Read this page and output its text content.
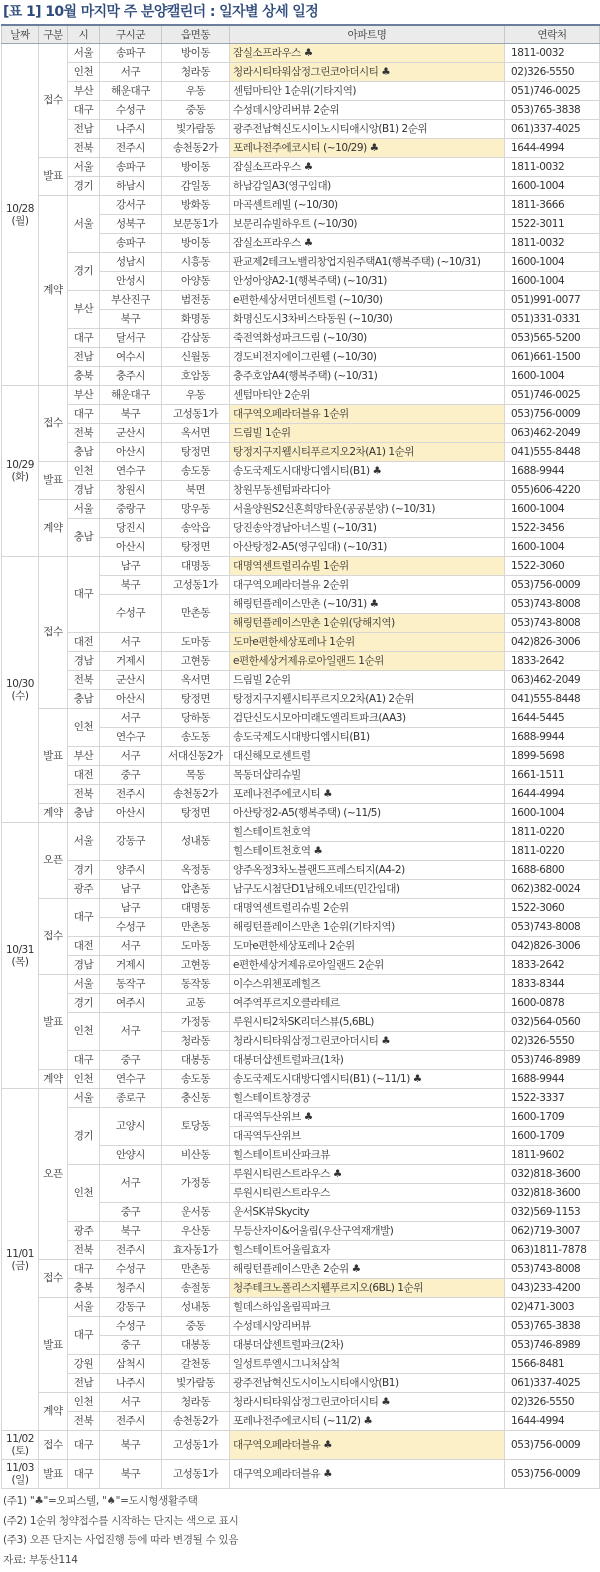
[표 1] 10월 마지막 주 분양캘린더 : 일자별 상세 일정
날짜	구분	시	구시군	읍면동	아파트명	연락처

10/28
(월)	접수	서울	송파구	방이동	잠실소프라우스 ♣	1811-0032
		인천	서구	청라동	청라시티타워삼정그린코아더시티 ♣	02)326-5550
		부산	해운대구	우동	센텀마티안 1순위(기타지역)	051)746-0025
		대구	수성구	중동	수성데시앙리버뷰 2순위	053)765-3838
		전남	나주시	빛가람동	광주전남혁신도시이노시티애시앙(B1) 2순위	061)337-4025
		전북	전주시	송천동2가	포레나전주에코시티 (~10/29) ♣	1644-4994
	발표	서울	송파구	방이동	잠실소프라우스 ♣	1811-0032
		경기	하남시	감일동	하남감일A3(영구임대)	1600-1004
	계약	서울	강서구	방화동	마곡센트레빌 (~10/30)	1811-3666
			성북구	보문동1가	보문리슈빌하우트 (~10/30)	1522-3011
			송파구	방이동	잠실소프라우스 ♣	1811-0032
		경기	성남시	시흥동	판교제2테크노밸리창업지원주택A1(행복주택) (~10/31)	1600-1004
			안성시	아양동	안성아양A2-1(행복주택) (~10/31)	1600-1004
		부산	부산진구	범전동	e편한세상서면더센트럴 (~10/30)	051)991-0077
			북구	화명동	화명신도시3차비스타동원 (~10/30)	051)331-0331
		대구	달서구	감삼동	죽전역화성파크드림 (~10/30)	053)565-5200
		전남	여수시	신월동	경도비전지에이그린웰 (~10/30)	061)661-1500
		충북	충주시	호암동	충주호암A4(행복주택) (~10/31)	1600-1004

10/29
(화)	접수	부산	해운대구	우동	센텀마티안 2순위	051)746-0025
		대구	북구	고성동1가	대구역오페라더블유 1순위	053)756-0009
		전북	군산시	옥서면	드림빌 1순위	063)462-2049
		충남	아산시	탕정면	탕정지구지웰시티푸르지오2차(A1) 1순위	041)555-8448
	발표	인천	연수구	송도동	송도국제도시대방디엠시티(B1) ♣	1688-9944
		경남	창원시	북면	창원무동센텀파라디아	055)606-4220
	계약	서울	중랑구	망우동	서울양원S2신혼희망타운(공공분양) (~10/31)	1600-1004
		충남	당진시	송악읍	당진송악경남아너스빌 (~10/31)	1522-3456
			아산시	탕정면	아산탕정2-A5(영구임대) (~10/31)	1600-1004

10/30
(수)	접수	대구	남구	대명동	대명역센트럴리슈빌 1순위	1522-3060
			북구	고성동1가	대구역오페라더블유 2순위	053)756-0009
			수성구	만촌동	해링턴플레이스만촌 (~10/31) ♣	053)743-8008
					해링턴플레이스만촌 1순위(당해지역)	053)743-8008
		대전	서구	도마동	도마e편한세상포레나 1순위	042)826-3006
		경남	거제시	고현동	e편한세상거제유로아일랜드 1순위	1833-2642
		전북	군산시	옥서면	드림빌 2순위	063)462-2049
		충남	아산시	탕정면	탕정지구지웰시티푸르지오2차(A1) 2순위	041)555-8448
	발표	인천	서구	당하동	검단신도시모아미래도엘리트파크(AA3)	1644-5445
			연수구	송도동	송도국제도시대방디엠시티(B1)	1688-9944
		부산	서구	서대신동2가	대신해모로센트럴	1899-5698
		대전	중구	목동	목동더샵리슈빌	1661-1511
		전북	전주시	송천동2가	포레나전주에코시티 ♣	1644-4994
	계약	충남	아산시	탕정면	아산탕정2-A5(행복주택) (~11/5)	1600-1004

10/31
(목)	오픈	서울	강동구	성내동	힐스테이트천호역	1811-0220
					힐스테이트천호역 ♣	1811-0220
		경기	양주시	옥정동	양주옥정3차노블랜드프레스티지(A4-2)	1688-6800
		광주	남구	압촌동	남구도시첨단D1남해오네뜨(민간임대)	062)382-0024
	접수	대구	남구	대명동	대명역센트럴리슈빌 2순위	1522-3060
			수성구	만촌동	해링턴플레이스만촌 1순위(기타지역)	053)743-8008
		대전	서구	도마동	도마e편한세상포레나 2순위	042)826-3006
		경남	거제시	고현동	e편한세상거제유로아일랜드 2순위	1833-2642
	발표	서울	동작구	동작동	이수스위첸포레힐즈	1833-8344
		경기	여주시	교동	여주역푸르지오클라테르	1600-0878
		인천	서구	가정동	루원시티2차SK리더스뷰(5,6BL)	032)564-0560
				청라동	청라시티타워삼정그린코아더시티 ♣	02)326-5550
		대구	중구	대봉동	대봉더샵센트럴파크(1차)	053)746-8989
	계약	인천	연수구	송도동	송도국제도시대방디엠시티(B1) (~11/1) ♣	1688-9944

11/01
(금)	오픈	서울	종로구	충신동	힐스테이트창경궁	1522-3337
		경기	고양시	토당동	대곡역두산위브 ♣	1600-1709
					대곡역두산위브	1600-1709
			안양시	비산동	힐스테이트비산파크뷰	1811-9602
		인천	서구	가정동	루원시티린스트라우스 ♣	032)818-3600
					루원시티린스트라우스	032)818-3600
			중구	운서동	운서SK뷰Skycity	032)569-1153
		광주	북구	우산동	무등산자이&어울림(우산구역재개발)	062)719-3007
		전북	전주시	효자동1가	힐스테이트어울림효자	063)1811-7878
	접수	대구	수성구	만촌동	해링턴플레이스만촌 2순위 ♣	053)743-8008
		충북	청주시	송절동	청주테크노폴리스지웰푸르지오(6BL) 1순위	043)233-4200
	발표	서울	강동구	성내동	힐데스하임올림픽파크	02)471-3003
		대구	수성구	중동	수성데시앙리버뷰	053)765-3838
			중구	대봉동	대봉더샵센트럴파크(2차)	053)746-8989
		강원	삼척시	갈천동	일성트루엘시그니처삼척	1566-8481
		전남	나주시	빛가람동	광주전남혁신도시이노시티애시앙(B1)	061)337-4025
	계약	인천	서구	청라동	청라시티타워삼정그린코아더시티 ♣	02)326-5550
		전북	전주시	송천동2가	포레나전주에코시티 (~11/2) ♣	1644-4994

11/02
(토)	접수	대구	북구	고성동1가	대구역오페라더블유 ♣	053)756-0009

11/03
(일)	발표	대구	북구	고성동1가	대구역오페라더블유 ♣	053)756-0009
(주1) "♣"=오피스텔, "♠"=도시형생활주택
(주2) 1순위 청약접수를 시작하는 단지는 색으로 표시
(주3) 오픈 단지는 사업진행 등에 따라 변경될 수 있음
자료: 부동산114
